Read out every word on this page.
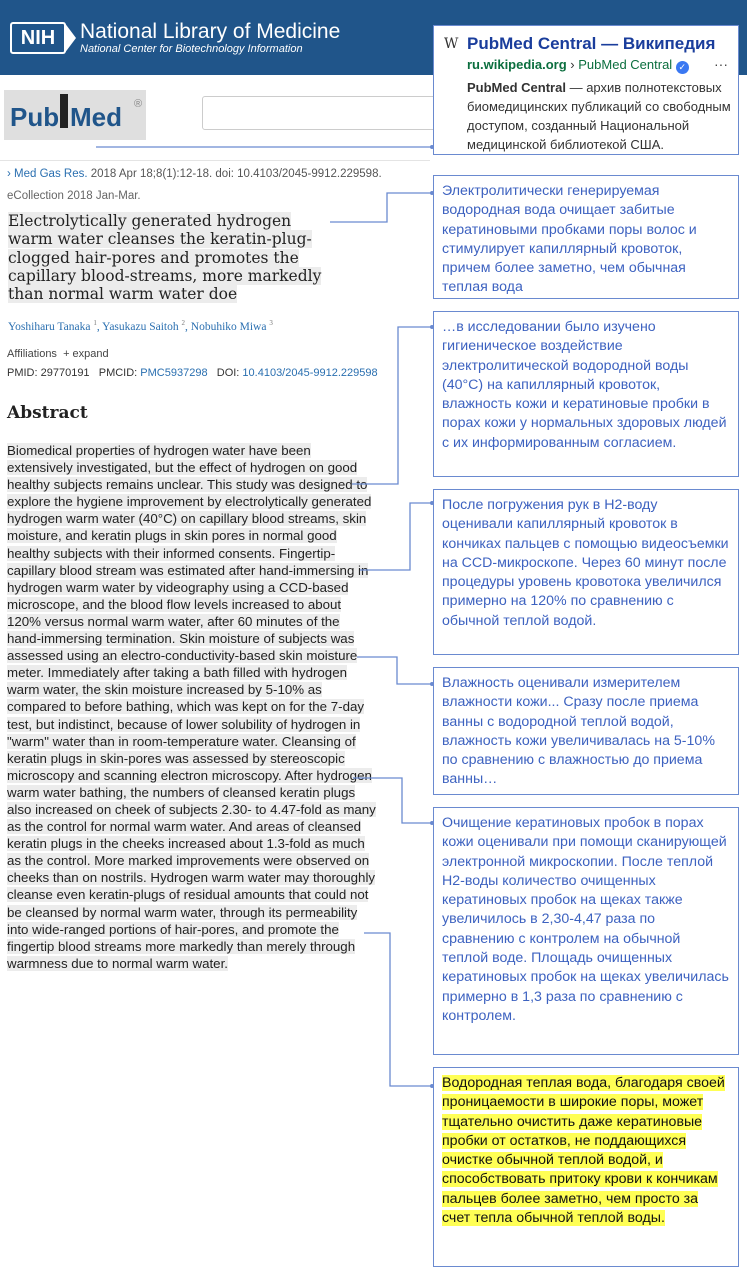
NIH	National Library of Medicine
National Center for Biotechnology Information
Pub Med ®
› Med Gas Res. 2018 Apr 18;8(1):12-18. doi: 10.4103/2045-9912.229598.
eCollection 2018 Jan-Mar.
Electrolytically generated hydrogen warm water cleanses the keratin-plug-clogged hair-pores and promotes the capillary blood-streams, more markedly than normal warm water doe
Yoshiharu Tanaka $^1$, Yasukazu Saitoh $^2$, Nobuhiko Miwa $^3$
Affiliations + expand
PMID: 29770191 PMCID: PMC5937298 DOI: 10.4103/2045-9912.229598
Abstract

Biomedical properties of hydrogen water have been extensively investigated, but the effect of hydrogen on good healthy subjects remains unclear. This study was designed to explore the hygiene improvement by electrolytically generated hydrogen warm water (40°C) on capillary blood streams, skin moisture, and keratin plugs in skin pores in normal good healthy subjects with their informed consents. Fingertip-capillary blood stream was estimated after hand-immersing in hydrogen warm water by videography using a CCD-based microscope, and the blood flow levels increased to about 120% versus normal warm water, after 60 minutes of the hand-immersing termination. Skin moisture of subjects was assessed using an electro-conductivity-based skin moisture meter. Immediately after taking a bath filled with hydrogen warm water, the skin moisture increased by 5-10% as compared to before bathing, which was kept on for the 7-day test, but indistinct, because of lower solubility of hydrogen in "warm" water than in room-temperature water. Cleansing of keratin plugs in skin-pores was assessed by stereoscopic microscopy and scanning electron microscopy. After hydrogen warm water bathing, the numbers of cleansed keratin plugs also increased on cheek of subjects 2.30- to 4.47-fold as many as the control for normal warm water. And areas of cleansed keratin plugs in the cheeks increased about 1.3-fold as much as the control. More marked improvements were observed on cheeks than on nostrils. Hydrogen warm water may thoroughly cleanse even keratin-plugs of residual amounts that could not be cleansed by normal warm water, through its permeability into wide-ranged portions of hair-pores, and promote the fingertip blood streams more markedly than merely through warmness due to normal warm water.

W PubMed Central — Википедия
ru.wikipedia.org › PubMed Central ✓ ···
PubMed Central — архив полнотекстовых биомедицинских публикаций со свободным доступом, созданный Национальной медицинской библиотекой США.
Электролитически генерируемая водородная вода очищает забитые кератиновыми пробками поры волос и стимулирует капиллярный кровоток, причем более заметно, чем обычная теплая вода
…в исследовании было изучено гигиеническое воздействие электролитической водородной воды (40°C) на капиллярный кровоток, влажность кожи и кератиновые пробки в порах кожи у нормальных здоровых людей с их информированным согласием.
После погружения рук в H2-воду оценивали капиллярный кровоток в кончиках пальцев с помощью видеосъемки на CCD-микроскопе. Через 60 минут после процедуры уровень кровотока увеличился примерно на 120% по сравнению с обычной теплой водой.
Влажность оценивали измерителем влажности кожи... Сразу после приема ванны с водородной теплой водой, влажность кожи увеличивалась на 5-10% по сравнению с влажностью до приема ванны…
Очищение кератиновых пробок в порах кожи оценивали при помощи сканирующей электронной микроскопии. После теплой H2-воды количество очищенных кератиновых пробок на щеках также увеличилось в 2,30-4,47 раза по сравнению с контролем на обычной теплой воде. Площадь очищенных кератиновых пробок на щеках увеличилась примерно в 1,3 раза по сравнению с контролем.
Водородная теплая вода, благодаря своей проницаемости в широкие поры, может тщательно очистить даже кератиновые пробки от остатков, не поддающихся очистке обычной теплой водой, и способствовать притоку крови к кончикам пальцев более заметно, чем просто за счет тепла обычной теплой воды.
